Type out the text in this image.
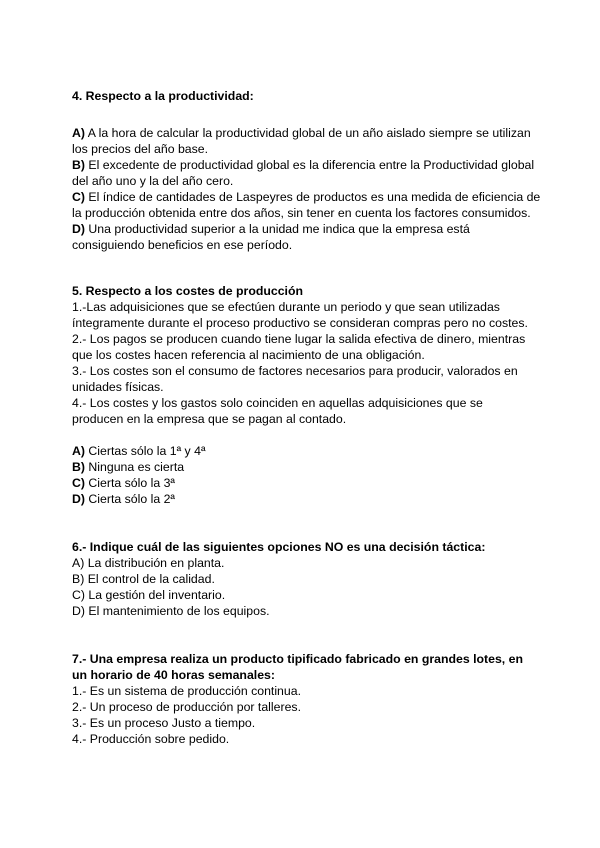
4. Respecto a la productividad:
A) A la hora de calcular la productividad global de un año aislado siempre se utilizan
los precios del año base.
B) El excedente de productividad global es la diferencia entre la Productividad global
del año uno y la del año cero.
C) El índice de cantidades de Laspeyres de productos es una medida de eficiencia de
la producción obtenida entre dos años, sin tener en cuenta los factores consumidos.
D) Una productividad superior a la unidad me indica que la empresa está
consiguiendo beneficios en ese período.
5. Respecto a los costes de producción
1.-Las adquisiciones que se efectúen durante un periodo y que sean utilizadas
íntegramente durante el proceso productivo se consideran compras pero no costes.
2.- Los pagos se producen cuando tiene lugar la salida efectiva de dinero, mientras
que los costes hacen referencia al nacimiento de una obligación.
3.- Los costes son el consumo de factores necesarios para producir, valorados en
unidades físicas.
4.- Los costes y los gastos solo coinciden en aquellas adquisiciones que se
producen en la empresa que se pagan al contado.
A) Ciertas sólo la 1ª y 4ª
B) Ninguna es cierta
C) Cierta sólo la 3ª
D) Cierta sólo la 2ª
6.- Indique cuál de las siguientes opciones NO es una decisión táctica:
A) La distribución en planta.
B) El control de la calidad.
C) La gestión del inventario.
D) El mantenimiento de los equipos.
7.- Una empresa realiza un producto tipificado fabricado en grandes lotes, en
un horario de 40 horas semanales:
1.- Es un sistema de producción continua.
2.- Un proceso de producción por talleres.
3.- Es un proceso Justo a tiempo.
4.- Producción sobre pedido.
